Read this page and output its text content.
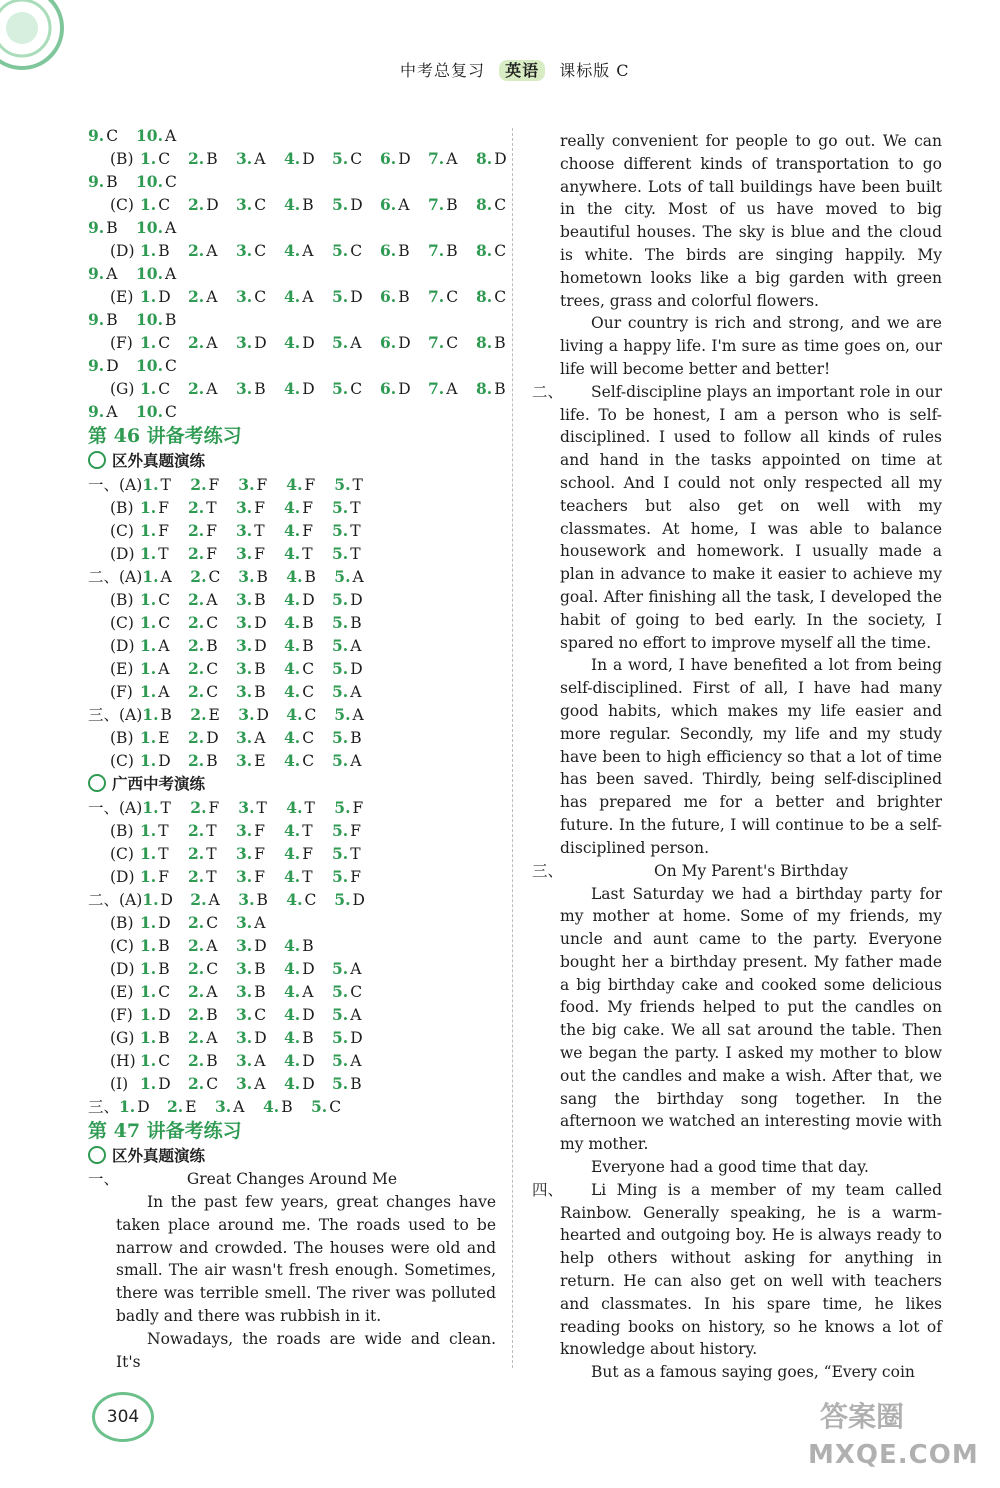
中考总复习 英语 课标版 C
9. C 10. A
(B) 1. C 2. B 3. A 4. D 5. C 6. D 7. A 8. D
9. B 10. C
(C) 1. C 2. D 3. C 4. B 5. D 6. A 7. B 8. C
9. B 10. A
(D) 1. B 2. A 3. C 4. A 5. C 6. B 7. B 8. C
9. A 10. A
(E) 1. D 2. A 3. C 4. A 5. D 6. B 7. C 8. C
9. B 10. B
(F) 1. C 2. A 3. D 4. D 5. A 6. D 7. C 8. B
9. D 10. C
(G) 1. C 2. A 3. B 4. D 5. C 6. D 7. A 8. B
9. A 10. C
第 46 讲备考练习
区外真题演练
一、(A)1. T 2. F 3. F 4. F 5. T
(B) 1. F 2. T 3. F 4. F 5. T
(C) 1. F 2. F 3. T 4. F 5. T
(D) 1. T 2. F 3. F 4. T 5. T
二、(A)1. A 2. C 3. B 4. B 5. A
(B) 1. C 2. A 3. B 4. D 5. D
(C) 1. C 2. C 3. D 4. B 5. B
(D) 1. A 2. B 3. D 4. B 5. A
(E) 1. A 2. C 3. B 4. C 5. D
(F) 1. A 2. C 3. B 4. C 5. A
三、(A)1. B 2. E 3. D 4. C 5. A
(B) 1. E 2. D 3. A 4. C 5. B
(C) 1. D 2. B 3. E 4. C 5. A
广西中考演练
一、(A)1. T 2. F 3. T 4. T 5. F
(B) 1. T 2. T 3. F 4. T 5. F
(C) 1. T 2. T 3. F 4. F 5. T
(D) 1. F 2. T 3. F 4. T 5. F
二、(A)1. D 2. A 3. B 4. C 5. D
(B) 1. D 2. C 3. A
(C) 1. B 2. A 3. D 4. B
(D) 1. B 2. C 3. B 4. D 5. A
(E) 1. C 2. A 3. B 4. A 5. C
(F) 1. D 2. B 3. C 4. D 5. A
(G) 1. B 2. A 3. D 4. B 5. D
(H) 1. C 2. B 3. A 4. D 5. A
(I) 1. D 2. C 3. A 4. D 5. B
三、1. D 2. E 3. A 4. B 5. C
第 47 讲备考练习
区外真题演练
一、	Great Changes Around Me

In the past few years, great changes have taken place around me. The roads used to be narrow and crowded. The houses were old and small. The air wasn't fresh enough. Sometimes, there was terrible smell. The river was polluted badly and there was rubbish in it.

Nowadays, the roads are wide and clean. It's

really convenient for people to go out. We can choose different kinds of transportation to go anywhere. Lots of tall buildings have been built in the city. Most of us have moved to big beautiful houses. The sky is blue and the cloud is white. The birds are singing happily. My hometown looks like a big garden with green trees, grass and colorful flowers.

Our country is rich and strong, and we are living a happy life. I'm sure as time goes on, our life will become better and better!

二、	Self-discipline plays an important role in our life. To be honest, I am a person who is self-disciplined. I used to follow all kinds of rules and hand in the tasks appointed on time at school. And I could not only respected all my teachers but also get on well with my classmates. At home, I was able to balance housework and homework. I usually made a plan in advance to make it easier to achieve my goal. After finishing all the task, I developed the habit of going to bed early. In the society, I spared no effort to improve myself all the time.

In a word, I have benefited a lot from being self-disciplined. First of all, I have had many good habits, which makes my life easier and more regular. Secondly, my life and my study have been to high efficiency so that a lot of time has been saved. Thirdly, being self-disciplined has prepared me for a better and brighter future. In the future, I will continue to be a self-disciplined person.

三、	On My Parent's Birthday

Last Saturday we had a birthday party for my mother at home. Some of my friends, my uncle and aunt came to the party. Everyone bought her a birthday present. My father made a big birthday cake and cooked some delicious food. My friends helped to put the candles on the big cake. We all sat around the table. Then we began the party. I asked my mother to blow out the candles and make a wish. After that, we sang the birthday song together. In the afternoon we watched an interesting movie with my mother.

Everyone had a good time that day.

四、	Li Ming is a member of my team called Rainbow. Generally speaking, he is a warm-hearted and outgoing boy. He is always ready to help others without asking for anything in return. He can also get on well with teachers and classmates. In his spare time, he likes reading books on history, so he knows a lot of knowledge about history.

But as a famous saying goes, “Every coin

304	答案圈
MXQE.COM
